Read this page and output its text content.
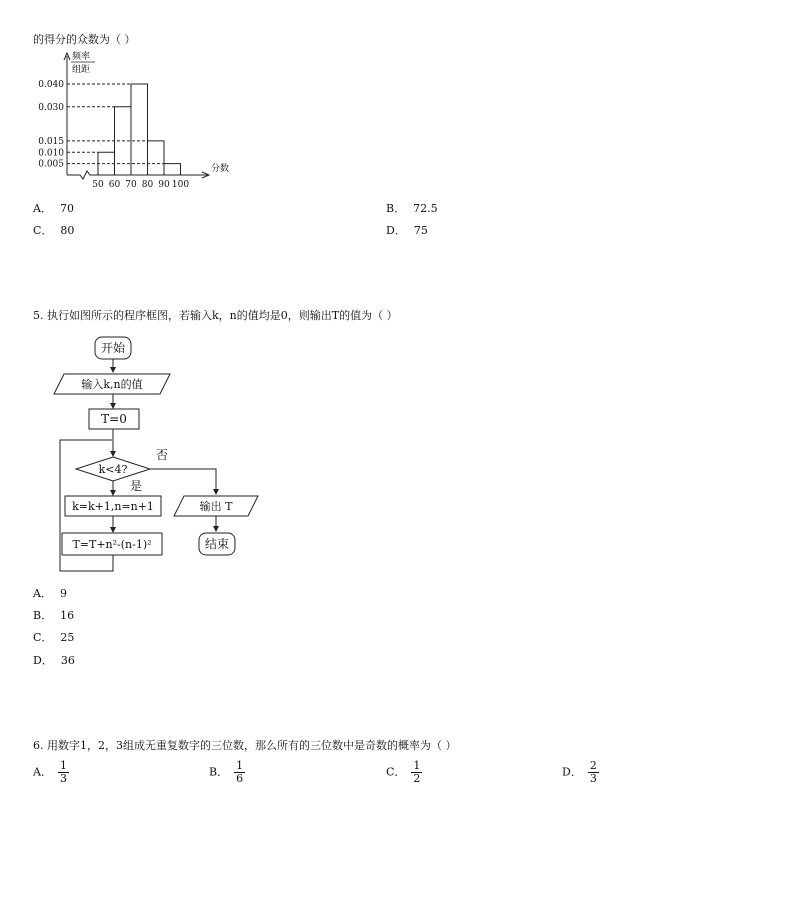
的得分的众数为（ ）
0.040
0.030
0.015
0.010
0.005
50 60 70 80 90 100
频率
组距
分数
A． 70	B． 72.5
C． 80	D． 75
5. 执行如图所示的程序框图，若输入k，n的值均是0，则输出T的值为（ ）
开始
输入k,n的值
T=0
k<4?
否
是
k=k+1,n=n+1
T=T+n²-(n-1)²
输出 T
结束
A． 9
B． 16
C． 25
D． 36
6. 用数字1，2，3组成无重复数字的三位数，那么所有的三位数中是奇数的概率为（ ）
A． $\frac{1}{3}$	B． $\frac{1}{6}$	C． $\frac{1}{2}$	D． $\frac{2}{3}$
